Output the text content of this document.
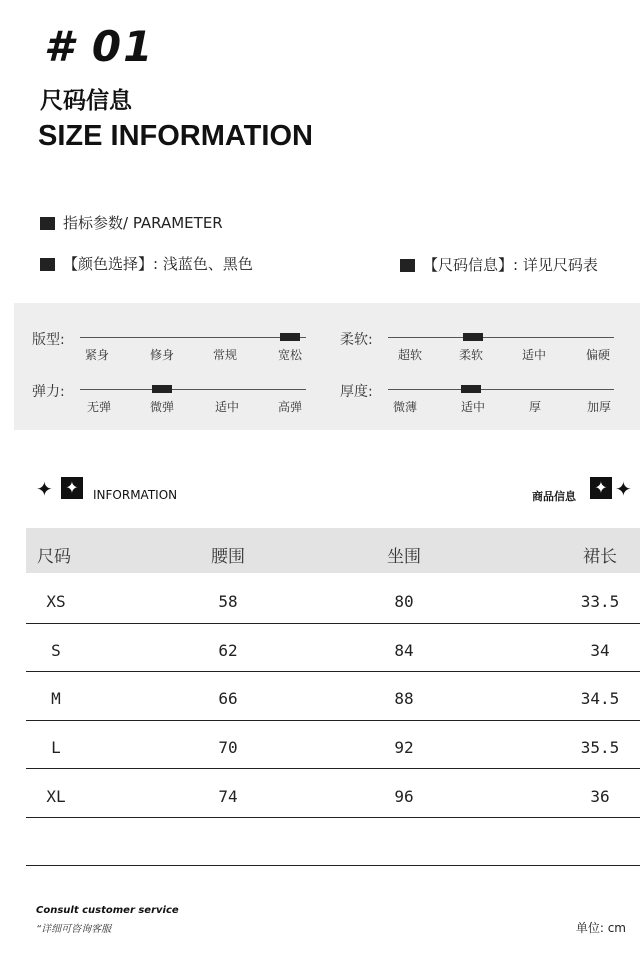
# 01
尺码信息
SIZE INFORMATION
指标参数/ PARAMETER
【颜色选择】: 浅蓝色、黑色	【尺码信息】: 详见尺码表
版型:
紧身	修身	常规	宽松
柔软:
超软	柔软	适中	偏硬
弹力:
无弹	微弹	适中	高弹
厚度:
微薄	适中	厚	加厚
✦ ✦	INFORMATION	商品信息 ✦ ✦
尺码	腰围	坐围	裙长
XS	58	80	33.5
S	62	84	34
M	66	88	34.5
L	70	92	35.5
XL	74	96	36
Consult customer service
“详细可咨询客服	单位: cm
